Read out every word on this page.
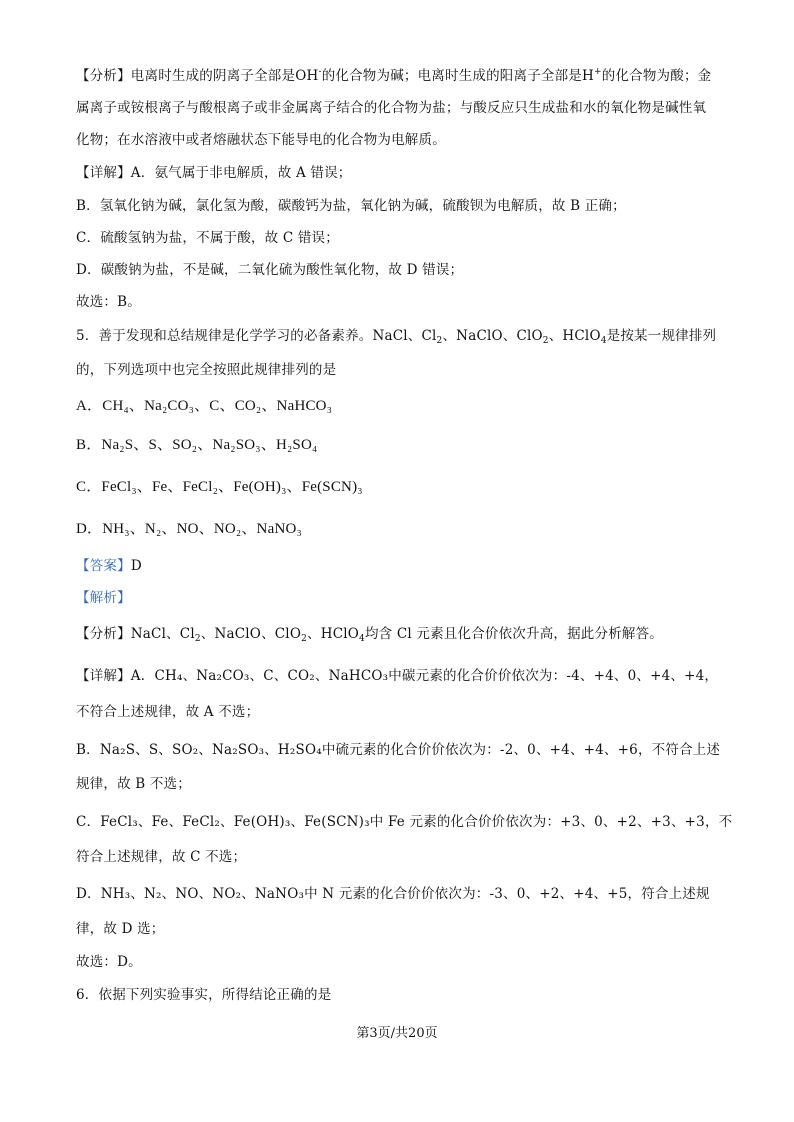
【分析】电离时生成的阴离子全部是OH-的化合物为碱；电离时生成的阳离子全部是H+的化合物为酸；金
属离子或铵根离子与酸根离子或非金属离子结合的化合物为盐；与酸反应只生成盐和水的氧化物是碱性氧
化物；在水溶液中或者熔融状态下能导电的化合物为电解质。
【详解】A．氨气属于非电解质，故 A 错误；
B．氢氧化钠为碱，氯化氢为酸，碳酸钙为盐，氧化钠为碱，硫酸钡为电解质，故 B 正确；
C．硫酸氢钠为盐，不属于酸，故 C 错误；
D．碳酸钠为盐，不是碱，二氧化硫为酸性氧化物，故 D 错误；
故选：B。
5．善于发现和总结规律是化学学习的必备素养。NaCl、$Cl_2$、NaClO、ClO$_2$、HClO$_4$是按某一规律排列
的，下列选项中也完全按照此规律排列的是
A．CH₄、Na₂CO₃、C、CO₂、NaHCO₃
B．Na₂S、S、SO₂、Na₂SO₃、H₂SO₄
C．FeCl₃、Fe、FeCl₂、Fe(OH)₃、Fe(SCN)₃
D．NH₃、N₂、NO、NO₂、NaNO₃
【答案】D
【解析】
【分析】NaCl、$Cl_2$、NaClO、ClO$_2$、HClO$_4$均含 Cl 元素且化合价依次升高，据此分析解答。
【详解】A．CH₄、Na₂CO₃、C、CO₂、NaHCO₃中碳元素的化合价价依次为：-4、+4、0、+4、+4，
不符合上述规律，故 A 不选；
B．Na₂S、S、SO₂、Na₂SO₃、H₂SO₄中硫元素的化合价价依次为：-2、0、+4、+4、+6，不符合上述
规律，故 B 不选；
C．FeCl₃、Fe、FeCl₂、Fe(OH)₃、Fe(SCN)₃中 Fe 元素的化合价价依次为：+3、0、+2、+3、+3，不
符合上述规律，故 C 不选；
D．NH₃、N₂、NO、NO₂、NaNO₃中 N 元素的化合价价依次为：-3、0、+2、+4、+5，符合上述规
律，故 D 选；
故选：D。
6．依据下列实验事实，所得结论正确的是
第3页/共20页
